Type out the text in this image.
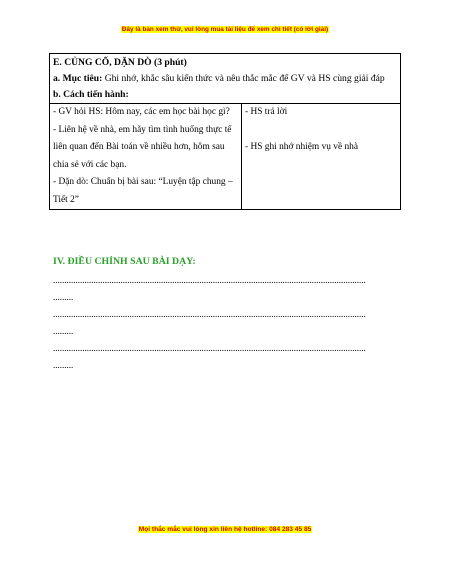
Đây là bản xem thử, vui lòng mua tài liệu để xem chi tiết (có lời giải)
E. CỦNG CỐ, DẶN DÒ (3 phút)
a. Mục tiêu: Ghi nhớ, khắc sâu kiến thức và nêu thắc mắc để GV và HS cùng giải đáp
b. Cách tiến hành:
- GV hỏi HS: Hôm nay, các em học bài học gì?
- Liên hệ về nhà, em hãy tìm tình huống thực tế liên quan đến Bài toán về nhiều hơn, hôm sau chia sẻ với các bạn.
- Dặn dò: Chuẩn bị bài sau: “Luyện tập chung – Tiết 2”
- HS trả lời
- HS ghi nhớ nhiệm vụ về nhà
IV. ĐIỀU CHỈNH SAU BÀI DẠY:
...........................................................................................................................................
.........
...........................................................................................................................................
.........
...........................................................................................................................................
.........
Mọi thắc mắc vui lòng xin liên hệ hotline: 084 283 45 85
